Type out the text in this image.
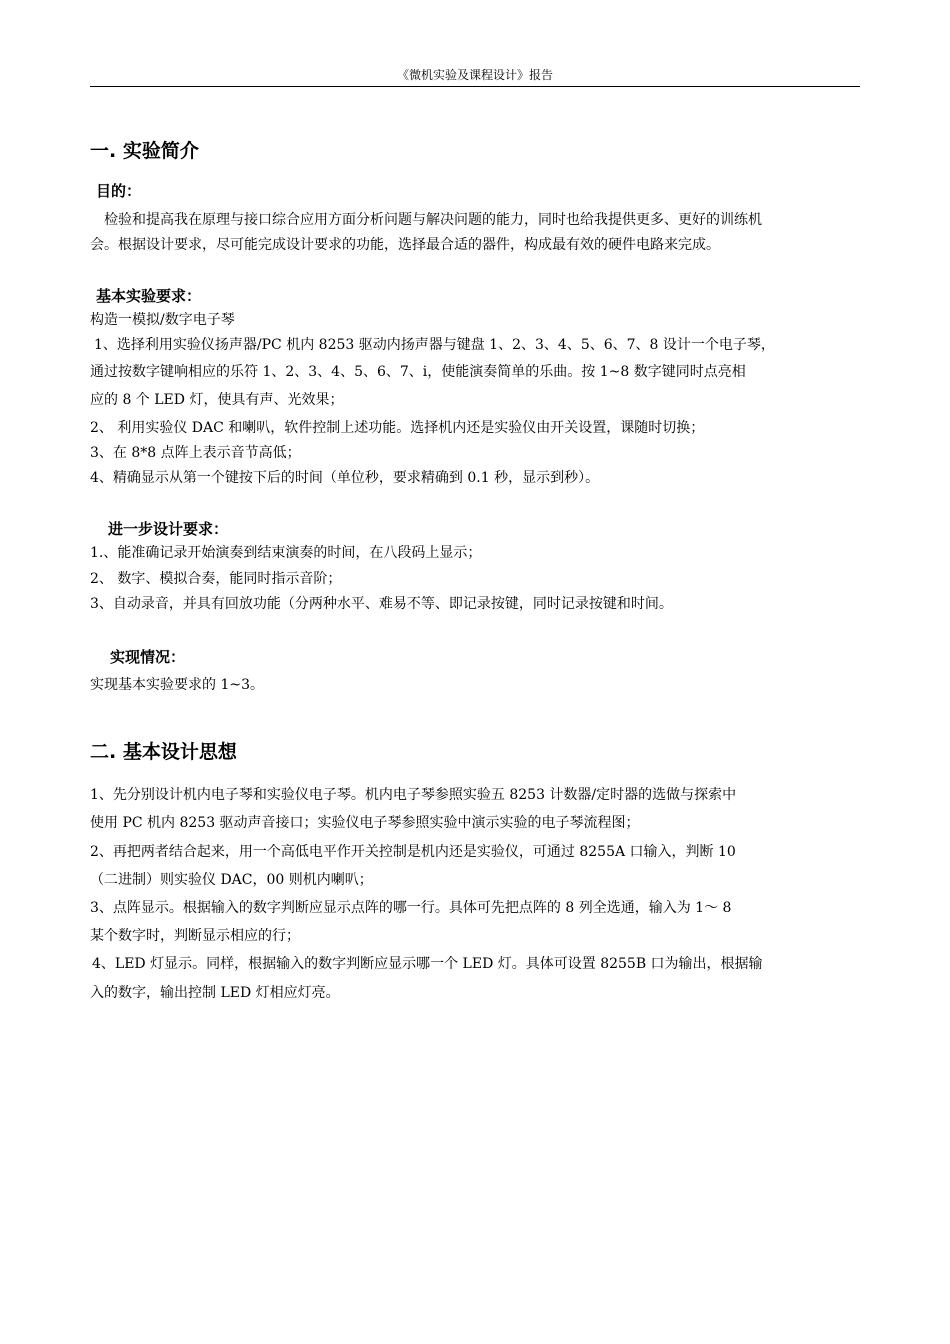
《微机实验及课程设计》报告
一. 实验简介
目的：
检验和提高我在原理与接口综合应用方面分析问题与解决问题的能力，同时也给我提供更多、更好的训练机
会。根据设计要求，尽可能完成设计要求的功能，选择最合适的器件，构成最有效的硬件电路来完成。
基本实验要求：
构造一模拟/数字电子琴
1、选择利用实验仪扬声器/PC 机内 8253 驱动内扬声器与键盘 1、2、3、4、5、6、7、8 设计一个电子琴，
通过按数字键响相应的乐符 1、2、3、4、5、6、7、i，使能演奏简单的乐曲。按 1~8 数字键同时点亮相
应的 8 个 LED 灯，使具有声、光效果；
2、 利用实验仪 DAC 和喇叭，软件控制上述功能。选择机内还是实验仪由开关设置，课随时切换；
3、在 8*8 点阵上表示音节高低；
4、精确显示从第一个键按下后的时间（单位秒，要求精确到 0.1 秒，显示到秒）。
进一步设计要求：
1.、能准确记录开始演奏到结束演奏的时间，在八段码上显示；
2、 数字、模拟合奏，能同时指示音阶；
3、自动录音，并具有回放功能（分两种水平、难易不等、即记录按键，同时记录按键和时间。
实现情况：
实现基本实验要求的 1~3。
二. 基本设计思想
1、先分别设计机内电子琴和实验仪电子琴。机内电子琴参照实验五 8253 计数器/定时器的选做与探索中
使用 PC 机内 8253 驱动声音接口；实验仪电子琴参照实验中演示实验的电子琴流程图；
2、再把两者结合起来，用一个高低电平作开关控制是机内还是实验仪，可通过 8255A 口输入，判断 10
（二进制）则实验仪 DAC，00 则机内喇叭；
3、点阵显示。根据输入的数字判断应显示点阵的哪一行。具体可先把点阵的 8 列全选通，输入为 1～ 8
某个数字时，判断显示相应的行；
4、LED 灯显示。同样，根据输入的数字判断应显示哪一个 LED 灯。具体可设置 8255B 口为输出，根据输
入的数字，输出控制 LED 灯相应灯亮。
